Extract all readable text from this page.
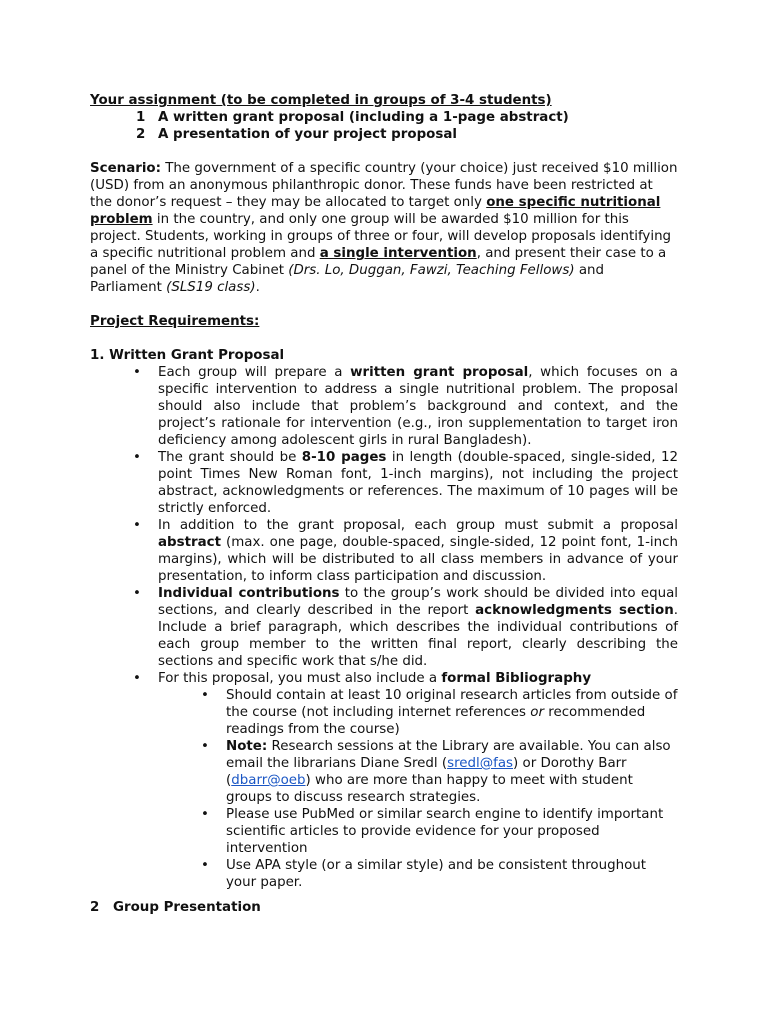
Your assignment (to be completed in groups of 3-4 students)

1 A written grant proposal (including a 1-page abstract)
2 A presentation of your project proposal

Scenario: The government of a specific country (your choice) just received $10 million (USD) from an anonymous philanthropic donor. These funds have been restricted at the donor’s request – they may be allocated to target only one specific nutritional problem in the country, and only one group will be awarded $10 million for this project. Students, working in groups of three or four, will develop proposals identifying a specific nutritional problem and a single intervention, and present their case to a panel of the Ministry Cabinet (Drs. Lo, Duggan, Fawzi, Teaching Fellows) and Parliament (SLS19 class).

Project Requirements:

1. Written Grant Proposal

• Each group will prepare a written grant proposal, which focuses on a specific intervention to address a single nutritional problem. The proposal should also include that problem’s background and context, and the project’s rationale for intervention (e.g., iron supplementation to target iron deficiency among adolescent girls in rural Bangladesh).
• The grant should be 8-10 pages in length (double-spaced, single-sided, 12 point Times New Roman font, 1-inch margins), not including the project abstract, acknowledgments or references. The maximum of 10 pages will be strictly enforced.
• In addition to the grant proposal, each group must submit a proposal abstract (max. one page, double-spaced, single-sided, 12 point font, 1-inch margins), which will be distributed to all class members in advance of your presentation, to inform class participation and discussion.
• Individual contributions to the group’s work should be divided into equal sections, and clearly described in the report acknowledgments section. Include a brief paragraph, which describes the individual contributions of each group member to the written final report, clearly describing the sections and specific work that s/he did.
• For this proposal, you must also include a formal Bibliography
• Should contain at least 10 original research articles from outside of the course (not including internet references or recommended readings from the course)
• Note: Research sessions at the Library are available. You can also email the librarians Diane Sredl (sredl@fas) or Dorothy Barr (dbarr@oeb) who are more than happy to meet with student groups to discuss research strategies.
• Please use PubMed or similar search engine to identify important scientific articles to provide evidence for your proposed intervention
• Use APA style (or a similar style) and be consistent throughout your paper.

2 Group Presentation
